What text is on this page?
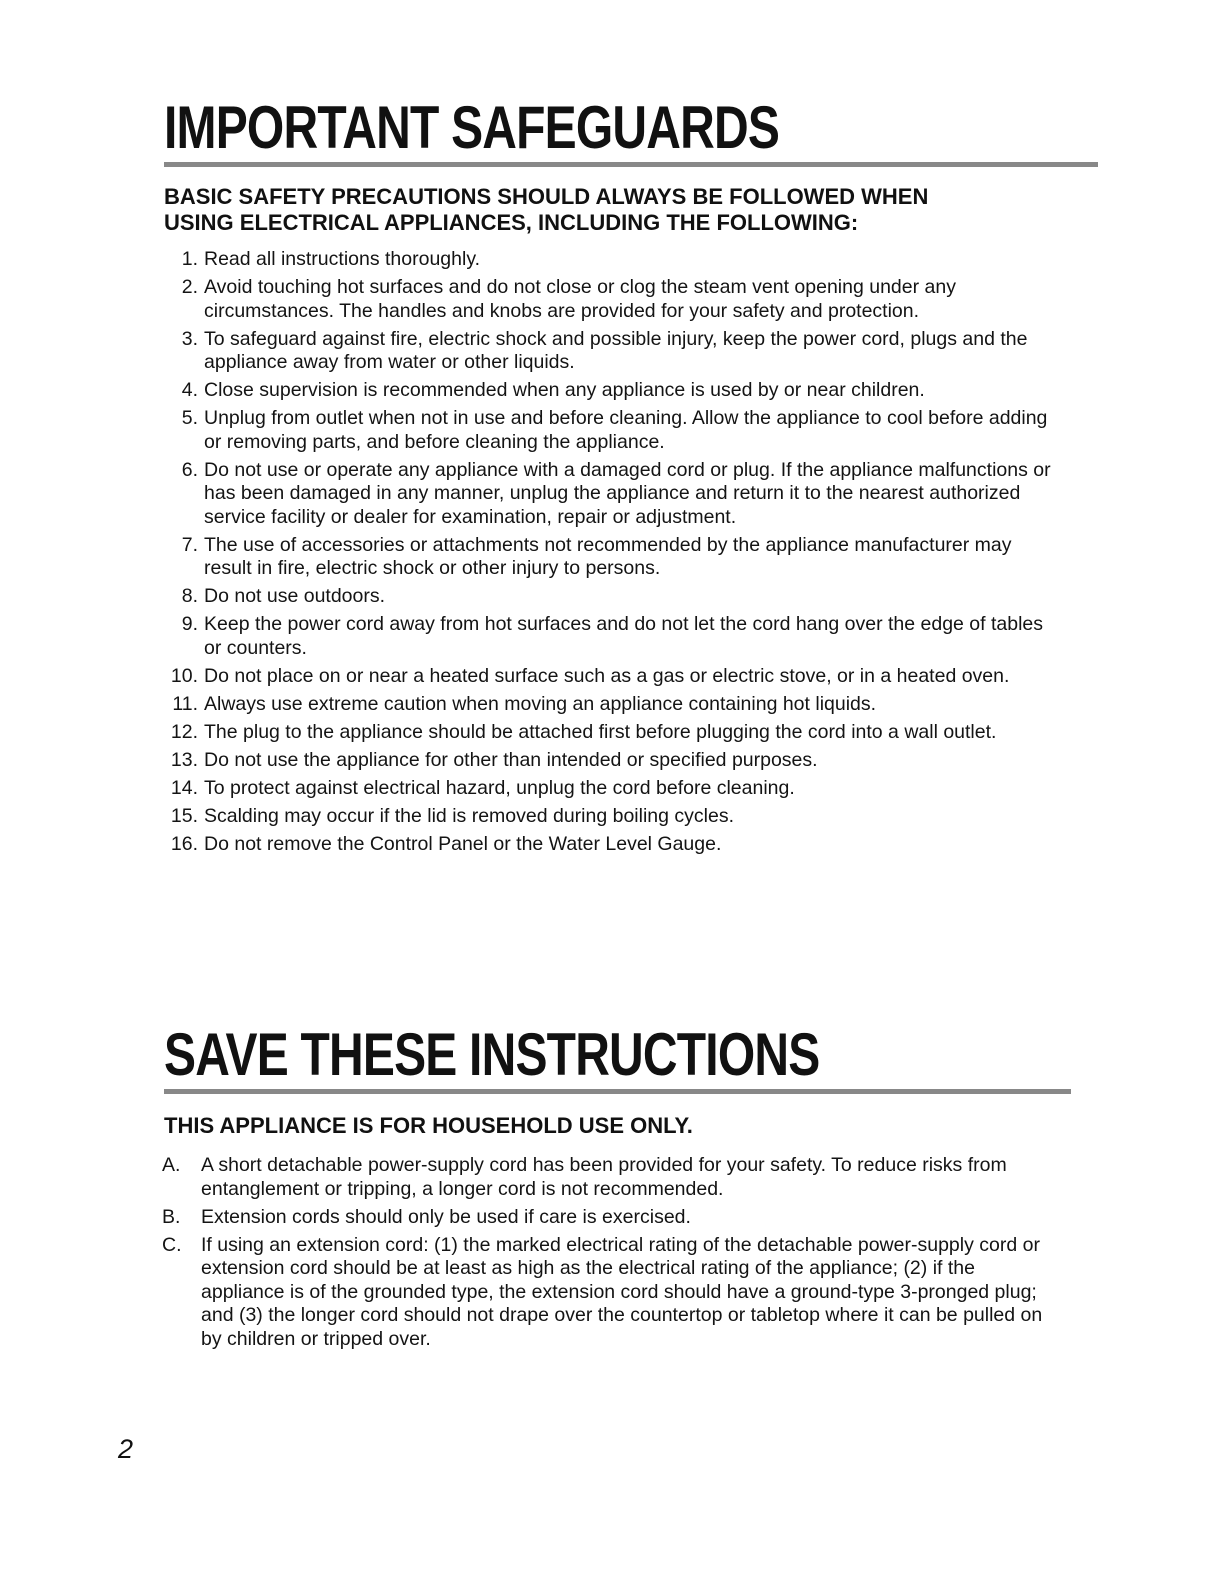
IMPORTANT SAFEGUARDS

BASIC SAFETY PRECAUTIONS SHOULD ALWAYS BE FOLLOWED WHEN

USING ELECTRICAL APPLIANCES, INCLUDING THE FOLLOWING:

1. Read all instructions thoroughly.
2. Avoid touching hot surfaces and do not close or clog the steam vent opening under any circumstances. The handles and knobs are provided for your safety and protection.
3. To safeguard against fire, electric shock and possible injury, keep the power cord, plugs and the appliance away from water or other liquids.
4. Close supervision is recommended when any appliance is used by or near children.
5. Unplug from outlet when not in use and before cleaning. Allow the appliance to cool before adding or removing parts, and before cleaning the appliance.
6. Do not use or operate any appliance with a damaged cord or plug. If the appliance malfunctions or has been damaged in any manner, unplug the appliance and return it to the nearest authorized service facility or dealer for examination, repair or adjustment.
7. The use of accessories or attachments not recommended by the appliance manufacturer may result in fire, electric shock or other injury to persons.
8. Do not use outdoors.
9. Keep the power cord away from hot surfaces and do not let the cord hang over the edge of tables or counters.
10. Do not place on or near a heated surface such as a gas or electric stove, or in a heated oven.
11. Always use extreme caution when moving an appliance containing hot liquids.
12. The plug to the appliance should be attached first before plugging the cord into a wall outlet.
13. Do not use the appliance for other than intended or specified purposes.
14. To protect against electrical hazard, unplug the cord before cleaning.
15. Scalding may occur if the lid is removed during boiling cycles.
16. Do not remove the Control Panel or the Water Level Gauge.
SAVE THESE INSTRUCTIONS

THIS APPLIANCE IS FOR HOUSEHOLD USE ONLY.

A. A short detachable power-supply cord has been provided for your safety. To reduce risks from entanglement or tripping, a longer cord is not recommended.
B. Extension cords should only be used if care is exercised.
C. If using an extension cord: (1) the marked electrical rating of the detachable power-supply cord or extension cord should be at least as high as the electrical rating of the appliance; (2) if the appliance is of the grounded type, the extension cord should have a ground-type 3-pronged plug; and (3) the longer cord should not drape over the countertop or tabletop where it can be pulled on by children or tripped over.

2
